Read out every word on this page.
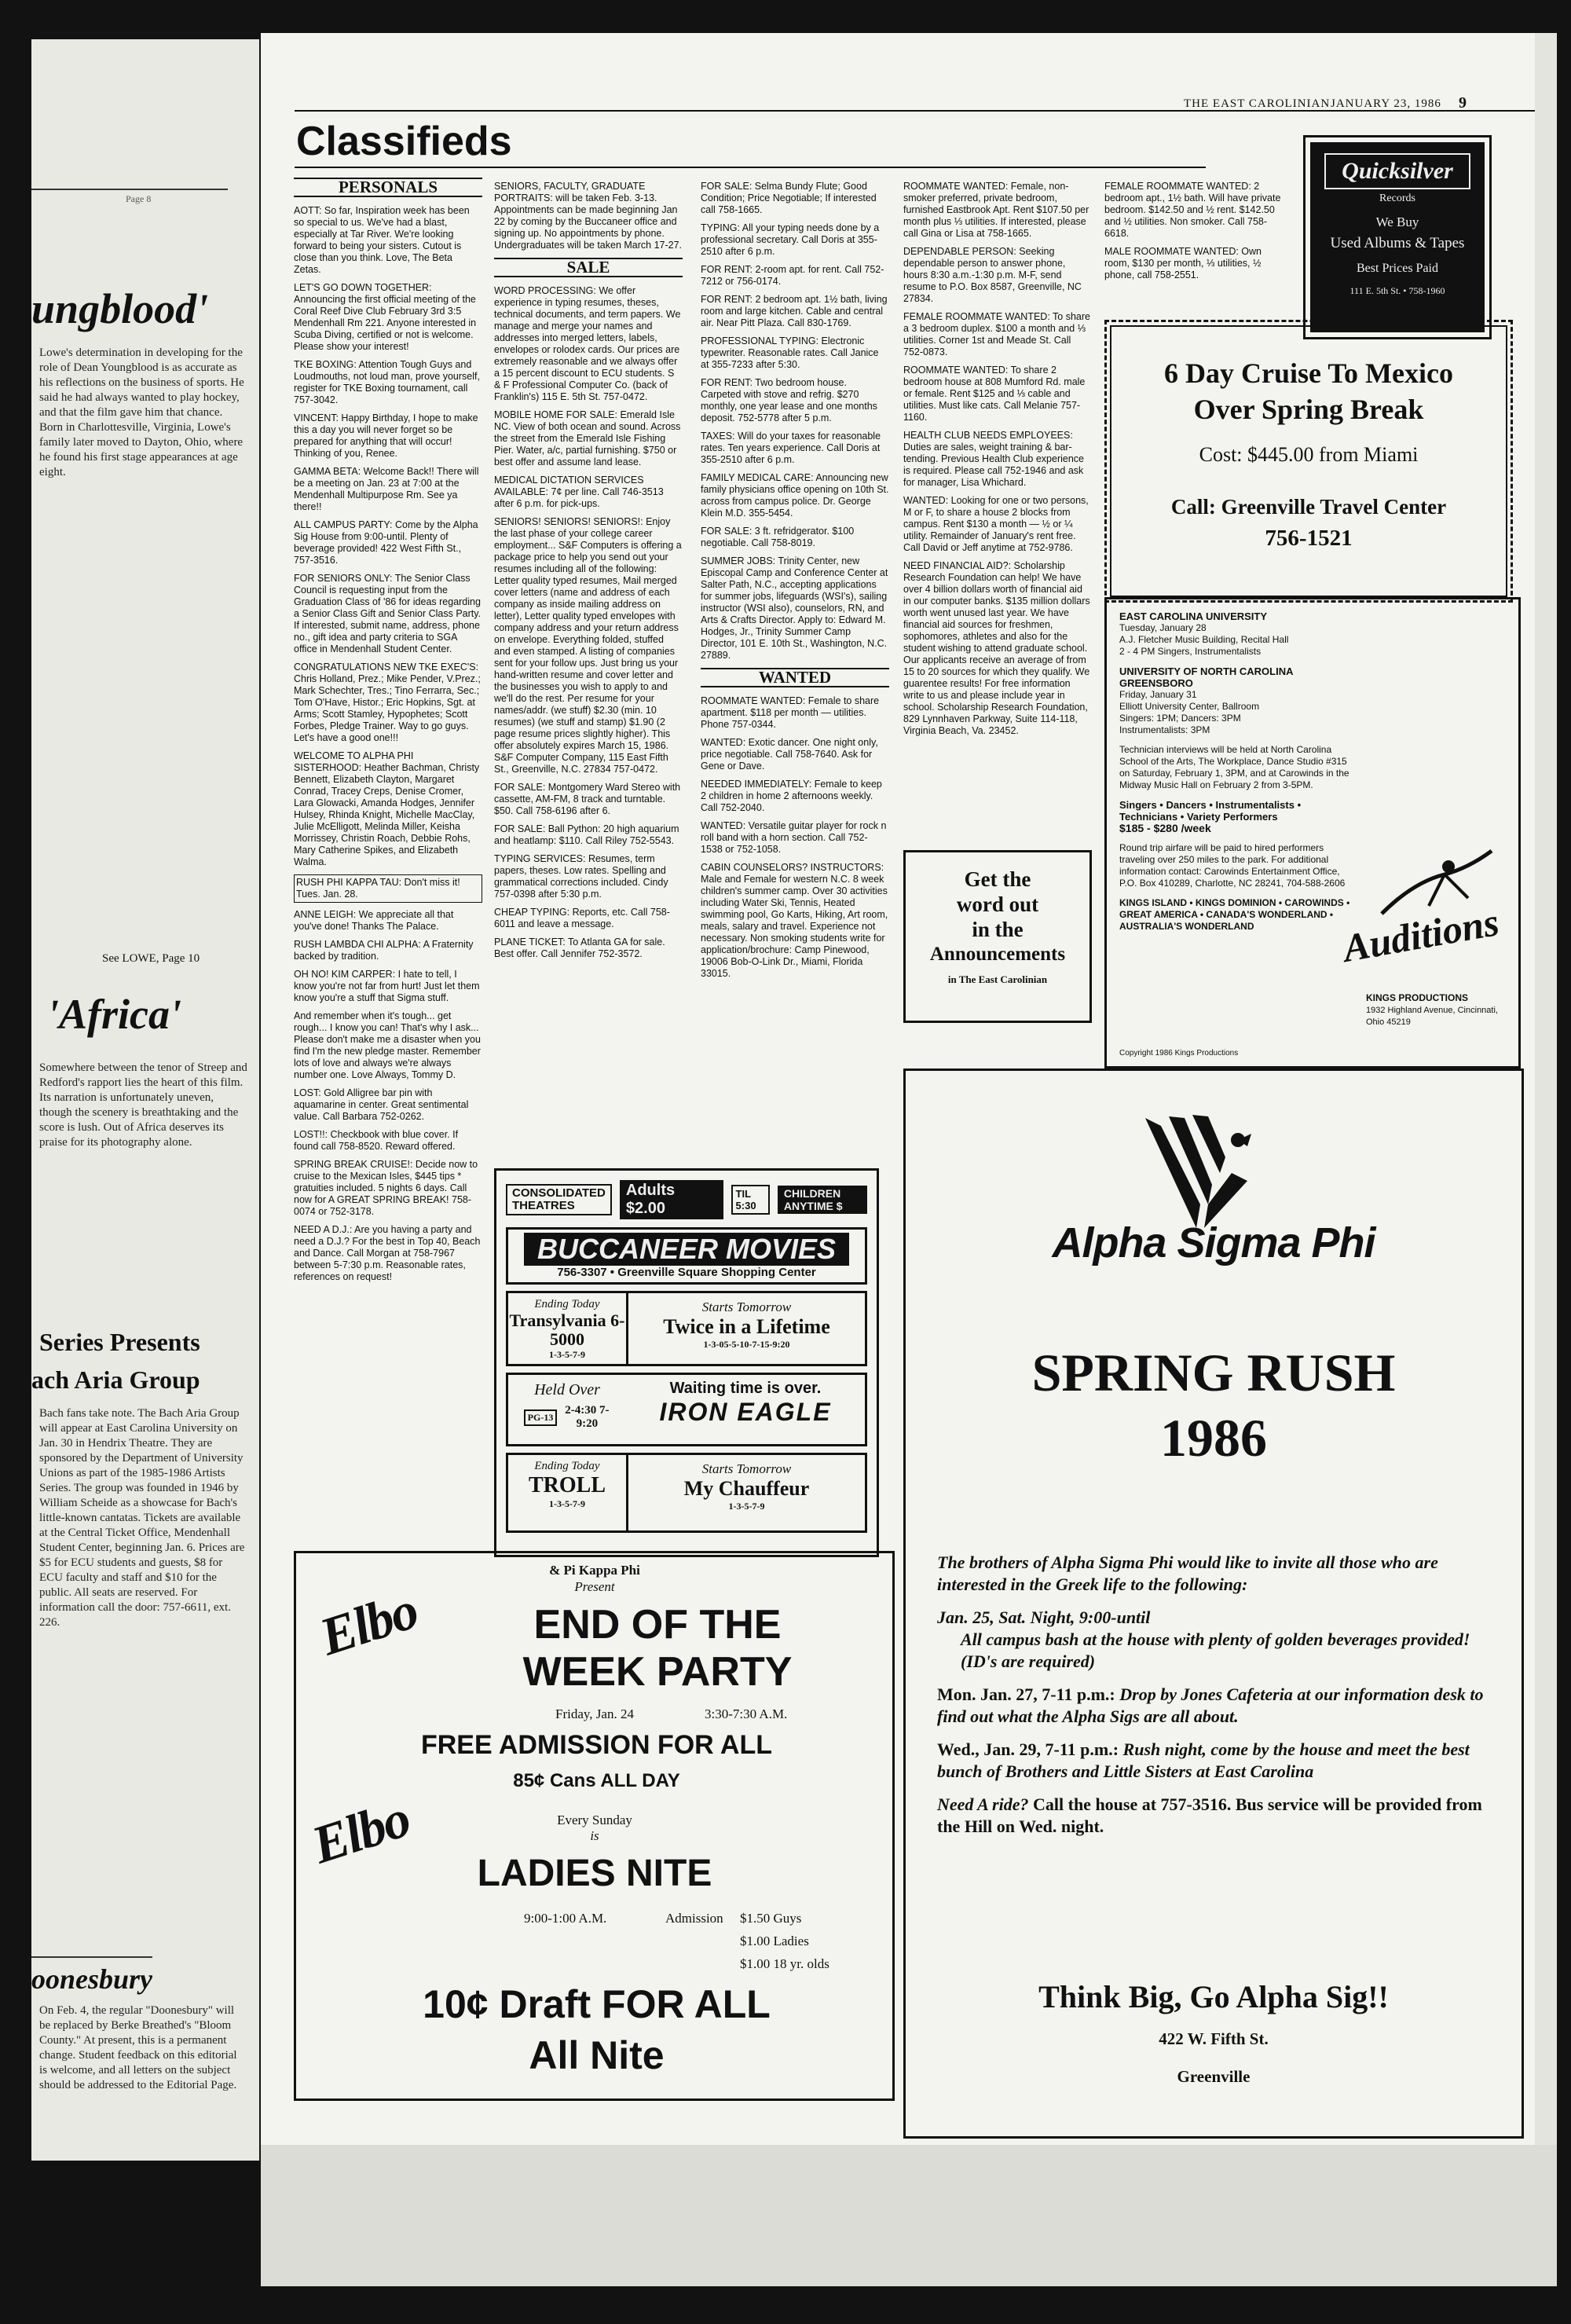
Page 8
ungblood'
Lowe's determination in developing for the role of Dean Youngblood is as accurate as his reflections on the business of sports. He said he had always wanted to play hockey, and that the film gave him that chance. Born in Charlottesville, Virginia, Lowe's family later moved to Dayton, Ohio, where he found his first stage appearances at age eight.
See LOWE, Page 10
'Africa'
Somewhere between the tenor of Streep and Redford's rapport lies the heart of this film. Its narration is unfortunately uneven, though the scenery is breathtaking and the score is lush. Out of Africa deserves its praise for its photography alone.
Series Presents
ach Aria Group
Bach fans take note. The Bach Aria Group will appear at East Carolina University on Jan. 30 in Hendrix Theatre. They are sponsored by the Department of University Unions as part of the 1985-1986 Artists Series. The group was founded in 1946 by William Scheide as a showcase for Bach's little-known cantatas. Tickets are available at the Central Ticket Office, Mendenhall Student Center, beginning Jan. 6. Prices are $5 for ECU students and guests, $8 for ECU faculty and staff and $10 for the public. All seats are reserved. For information call the door: 757-6611, ext. 226.
oonesbury
On Feb. 4, the regular "Doonesbury" will be replaced by Berke Breathed's "Bloom County." At present, this is a permanent change. Student feedback on this editorial is welcome, and all letters on the subject should be addressed to the Editorial Page.
THE EAST CAROLINIAN JANUARY 23, 1986 9
Classifieds
PERSONALS

AOTT: So far, Inspiration week has been so special to us. We've had a blast, especially at Tar River. We're looking forward to being your sisters. Cutout is close than you think. Love, The Beta Zetas.

LET'S GO DOWN TOGETHER: Announcing the first official meeting of the Coral Reef Dive Club February 3rd 3:5 Mendenhall Rm 221. Anyone interested in Scuba Diving, certified or not is welcome. Please show your interest!

TKE BOXING: Attention Tough Guys and Loudmouths, not loud man, prove yourself, register for TKE Boxing tournament, call 757-3042.

VINCENT: Happy Birthday, I hope to make this a day you will never forget so be prepared for anything that will occur! Thinking of you, Renee.

GAMMA BETA: Welcome Back!! There will be a meeting on Jan. 23 at 7:00 at the Mendenhall Multipurpose Rm. See ya there!!

ALL CAMPUS PARTY: Come by the Alpha Sig House from 9:00-until. Plenty of beverage provided! 422 West Fifth St., 757-3516.

FOR SENIORS ONLY: The Senior Class Council is requesting input from the Graduation Class of '86 for ideas regarding a Senior Class Gift and Senior Class Party. If interested, submit name, address, phone no., gift idea and party criteria to SGA office in Mendenhall Student Center.

CONGRATULATIONS NEW TKE EXEC'S: Chris Holland, Prez.; Mike Pender, V.Prez.; Mark Schechter, Tres.; Tino Ferrarra, Sec.; Tom O'Have, Histor.; Eric Hopkins, Sgt. at Arms; Scott Stamley, Hypophetes; Scott Forbes, Pledge Trainer. Way to go guys. Let's have a good one!!!

WELCOME TO ALPHA PHI SISTERHOOD: Heather Bachman, Christy Bennett, Elizabeth Clayton, Margaret Conrad, Tracey Creps, Denise Cromer, Lara Glowacki, Amanda Hodges, Jennifer Hulsey, Rhinda Knight, Michelle MacClay, Julie McElligott, Melinda Miller, Keisha Morrissey, Christin Roach, Debbie Rohs, Mary Catherine Spikes, and Elizabeth Walma.

RUSH PHI KAPPA TAU: Don't miss it! Tues. Jan. 28.

ANNE LEIGH: We appreciate all that you've done! Thanks The Palace.

RUSH LAMBDA CHI ALPHA: A Fraternity backed by tradition.

OH NO! KIM CARPER: I hate to tell, I know you're not far from hurt! Just let them know you're a stuff that Sigma stuff.

And remember when it's tough... get rough... I know you can! That's why I ask... Please don't make me a disaster when you find I'm the new pledge master. Remember lots of love and always we're always number one. Love Always, Tommy D.

LOST: Gold Alligree bar pin with aquamarine in center. Great sentimental value. Call Barbara 752-0262.

LOST!!: Checkbook with blue cover. If found call 758-8520. Reward offered.

SPRING BREAK CRUISE!: Decide now to cruise to the Mexican Isles, $445 tips * gratuities included. 5 nights 6 days. Call now for A GREAT SPRING BREAK! 758-0074 or 752-3178.

NEED A D.J.: Are you having a party and need a D.J.? For the best in Top 40, Beach and Dance. Call Morgan at 758-7967 between 5-7:30 p.m. Reasonable rates, references on request!

SENIORS, FACULTY, GRADUATE PORTRAITS: will be taken Feb. 3-13. Appointments can be made beginning Jan 22 by coming by the Buccaneer office and signing up. No appointments by phone. Undergraduates will be taken March 17-27.

SALE

WORD PROCESSING: We offer experience in typing resumes, theses, technical documents, and term papers. We manage and merge your names and addresses into merged letters, labels, envelopes or rolodex cards. Our prices are extremely reasonable and we always offer a 15 percent discount to ECU students. S & F Professional Computer Co. (back of Franklin's) 115 E. 5th St. 757-0472.

MOBILE HOME FOR SALE: Emerald Isle NC. View of both ocean and sound. Across the street from the Emerald Isle Fishing Pier. Water, a/c, partial furnishing. $750 or best offer and assume land lease.

MEDICAL DICTATION SERVICES AVAILABLE: 7¢ per line. Call 746-3513 after 6 p.m. for pick-ups.

SENIORS! SENIORS! SENIORS!: Enjoy the last phase of your college career employment... S&F Computers is offering a package price to help you send out your resumes including all of the following: Letter quality typed resumes, Mail merged cover letters (name and address of each company as inside mailing address on letter), Letter quality typed envelopes with company address and your return address on envelope. Everything folded, stuffed and even stamped. A listing of companies sent for your follow ups. Just bring us your hand-written resume and cover letter and the businesses you wish to apply to and we'll do the rest. Per resume for your names/addr. (we stuff) $2.30 (min. 10 resumes) (we stuff and stamp) $1.90 (2 page resume prices slightly higher). This offer absolutely expires March 15, 1986. S&F Computer Company, 115 East Fifth St., Greenville, N.C. 27834 757-0472.

FOR SALE: Montgomery Ward Stereo with cassette, AM-FM, 8 track and turntable. $50. Call 758-6196 after 6.

FOR SALE: Ball Python: 20 high aquarium and heatlamp: $110. Call Riley 752-5543.

TYPING SERVICES: Resumes, term papers, theses. Low rates. Spelling and grammatical corrections included. Cindy 757-0398 after 5:30 p.m.

CHEAP TYPING: Reports, etc. Call 758-6011 and leave a message.

PLANE TICKET: To Atlanta GA for sale. Best offer. Call Jennifer 752-3572.

FOR SALE: Selma Bundy Flute; Good Condition; Price Negotiable; If interested call 758-1665.

TYPING: All your typing needs done by a professional secretary. Call Doris at 355-2510 after 6 p.m.

FOR RENT: 2-room apt. for rent. Call 752-7212 or 756-0174.

FOR RENT: 2 bedroom apt. 1½ bath, living room and large kitchen. Cable and central air. Near Pitt Plaza. Call 830-1769.

PROFESSIONAL TYPING: Electronic typewriter. Reasonable rates. Call Janice at 355-7233 after 5:30.

FOR RENT: Two bedroom house. Carpeted with stove and refrig. $270 monthly, one year lease and one months deposit. 752-5778 after 5 p.m.

TAXES: Will do your taxes for reasonable rates. Ten years experience. Call Doris at 355-2510 after 6 p.m.

FAMILY MEDICAL CARE: Announcing new family physicians office opening on 10th St. across from campus police. Dr. George Klein M.D. 355-5454.

FOR SALE: 3 ft. refridgerator. $100 negotiable. Call 758-8019.

SUMMER JOBS: Trinity Center, new Episcopal Camp and Conference Center at Salter Path, N.C., accepting applications for summer jobs, lifeguards (WSI's), sailing instructor (WSI also), counselors, RN, and Arts & Crafts Director. Apply to: Edward M. Hodges, Jr., Trinity Summer Camp Director, 101 E. 10th St., Washington, N.C. 27889.

WANTED

ROOMMATE WANTED: Female to share apartment. $118 per month — utilities. Phone 757-0344.

WANTED: Exotic dancer. One night only, price negotiable. Call 758-7640. Ask for Gene or Dave.

NEEDED IMMEDIATELY: Female to keep 2 children in home 2 afternoons weekly. Call 752-2040.

WANTED: Versatile guitar player for rock n roll band with a horn section. Call 752-1538 or 752-1058.

CABIN COUNSELORS? INSTRUCTORS: Male and Female for western N.C. 8 week children's summer camp. Over 30 activities including Water Ski, Tennis, Heated swimming pool, Go Karts, Hiking, Art room, meals, salary and travel. Experience not necessary. Non smoking students write for application/brochure: Camp Pinewood, 19006 Bob-O-Link Dr., Miami, Florida 33015.

ROOMMATE WANTED: Female, non-smoker preferred, private bedroom, furnished Eastbrook Apt. Rent $107.50 per month plus ⅓ utilities. If interested, please call Gina or Lisa at 758-1665.

DEPENDABLE PERSON: Seeking dependable person to answer phone, hours 8:30 a.m.-1:30 p.m. M-F, send resume to P.O. Box 8587, Greenville, NC 27834.

FEMALE ROOMMATE WANTED: To share a 3 bedroom duplex. $100 a month and ⅓ utilities. Corner 1st and Meade St. Call 752-0873.

ROOMMATE WANTED: To share 2 bedroom house at 808 Mumford Rd. male or female. Rent $125 and ⅓ cable and utilities. Must like cats. Call Melanie 757-1160.

HEALTH CLUB NEEDS EMPLOYEES: Duties are sales, weight training & bar-tending. Previous Health Club experience is required. Please call 752-1946 and ask for manager, Lisa Whichard.

WANTED: Looking for one or two persons, M or F, to share a house 2 blocks from campus. Rent $130 a month — ½ or ¼ utility. Remainder of January's rent free. Call David or Jeff anytime at 752-9786.

NEED FINANCIAL AID?: Scholarship Research Foundation can help! We have over 4 billion dollars worth of financial aid in our computer banks. $135 million dollars worth went unused last year. We have financial aid sources for freshmen, sophomores, athletes and also for the student wishing to attend graduate school. Our applicants receive an average of from 15 to 20 sources for which they qualify. We guarentee results! For free information write to us and please include year in school. Scholarship Research Foundation, 829 Lynnhaven Parkway, Suite 114-118, Virginia Beach, Va. 23452.

FEMALE ROOMMATE WANTED: 2 bedroom apt., 1½ bath. Will have private bedroom. $142.50 and ½ rent. $142.50 and ½ utilities. Non smoker. Call 758-6618.

MALE ROOMMATE WANTED: Own room, $130 per month, ⅓ utilities, ½ phone, call 758-2551.

Quicksilver
Records
We Buy
Used Albums & Tapes
Best Prices Paid
111 E. 5th St. • 758-1960
6 Day Cruise To Mexico
Over Spring Break
Cost: $445.00 from Miami
Call: Greenville Travel Center
756-1521
EAST CAROLINA UNIVERSITY
Tuesday, January 28
A.J. Fletcher Music Building, Recital Hall
2 - 4 PM Singers, Instrumentalists
UNIVERSITY OF NORTH CAROLINA GREENSBORO
Friday, January 31
Elliott University Center, Ballroom
Singers: 1PM; Dancers: 3PM
Instrumentalists: 3PM
Technician interviews will be held at North Carolina School of the Arts, The Workplace, Dance Studio #315 on Saturday, February 1, 3PM, and at Carowinds in the Midway Music Hall on February 2 from 3-5PM.
Singers • Dancers • Instrumentalists • Technicians • Variety Performers
$185 - $280 /week
Round trip airfare will be paid to hired performers traveling over 250 miles to the park. For additional information contact: Carowinds Entertainment Office, P.O. Box 410289, Charlotte, NC 28241, 704-588-2606
KINGS ISLAND • KINGS DOMINION • CAROWINDS • GREAT AMERICA • CANADA'S WONDERLAND • AUSTRALIA'S WONDERLAND	Auditions
KINGS PRODUCTIONS
1932 Highland Avenue, Cincinnati, Ohio 45219
Copyright 1986 Kings Productions
Get the
word out
in the
Announcements
in The East Carolinian
Alpha Sigma Phi
SPRING RUSH
1986

The brothers of Alpha Sigma Phi would like to invite all those who are interested in the Greek life to the following:

Jan. 25, Sat. Night, 9:00-until

All campus bash at the house with plenty of golden beverages provided! (ID's are required)

Mon. Jan. 27, 7-11 p.m.: Drop by Jones Cafeteria at our information desk to find out what the Alpha Sigs are all about.

Wed., Jan. 29, 7-11 p.m.: Rush night, come by the house and meet the best bunch of Brothers and Little Sisters at East Carolina

Need A ride? Call the house at 757-3516. Bus service will be provided from the Hill on Wed. night.

Think Big, Go Alpha Sig!!
422 W. Fifth St.
Greenville
CONSOLIDATED
THEATRES
Adults $2.00
TIL 5:30
CHILDREN ANYTIME $
BUCCANEER MOVIES
756-3307 • Greenville Square Shopping Center
Ending Today
Transylvania 6-5000
1-3-5-7-9
Starts Tomorrow
Twice in a Lifetime
1-3-05-5-10-7-15-9:20
Held Over
PG-13
2-4:30 7-9:20
Waiting time is over.
IRON EAGLE
Ending Today
TROLL
1-3-5-7-9
Starts Tomorrow
My Chauffeur
1-3-5-7-9
Elbo
Elbo
& Pi Kappa Phi
Present
END OF THE
WEEK PARTY
Friday, Jan. 24	3:30-7:30 A.M.
FREE ADMISSION FOR ALL
85¢ Cans ALL DAY
Every Sunday
is
LADIES NITE
9:00-1:00 A.M.	Admission $1.50 Guys
$1.00 Ladies
$1.00 18 yr. olds
10¢ Draft FOR ALL
All Nite
